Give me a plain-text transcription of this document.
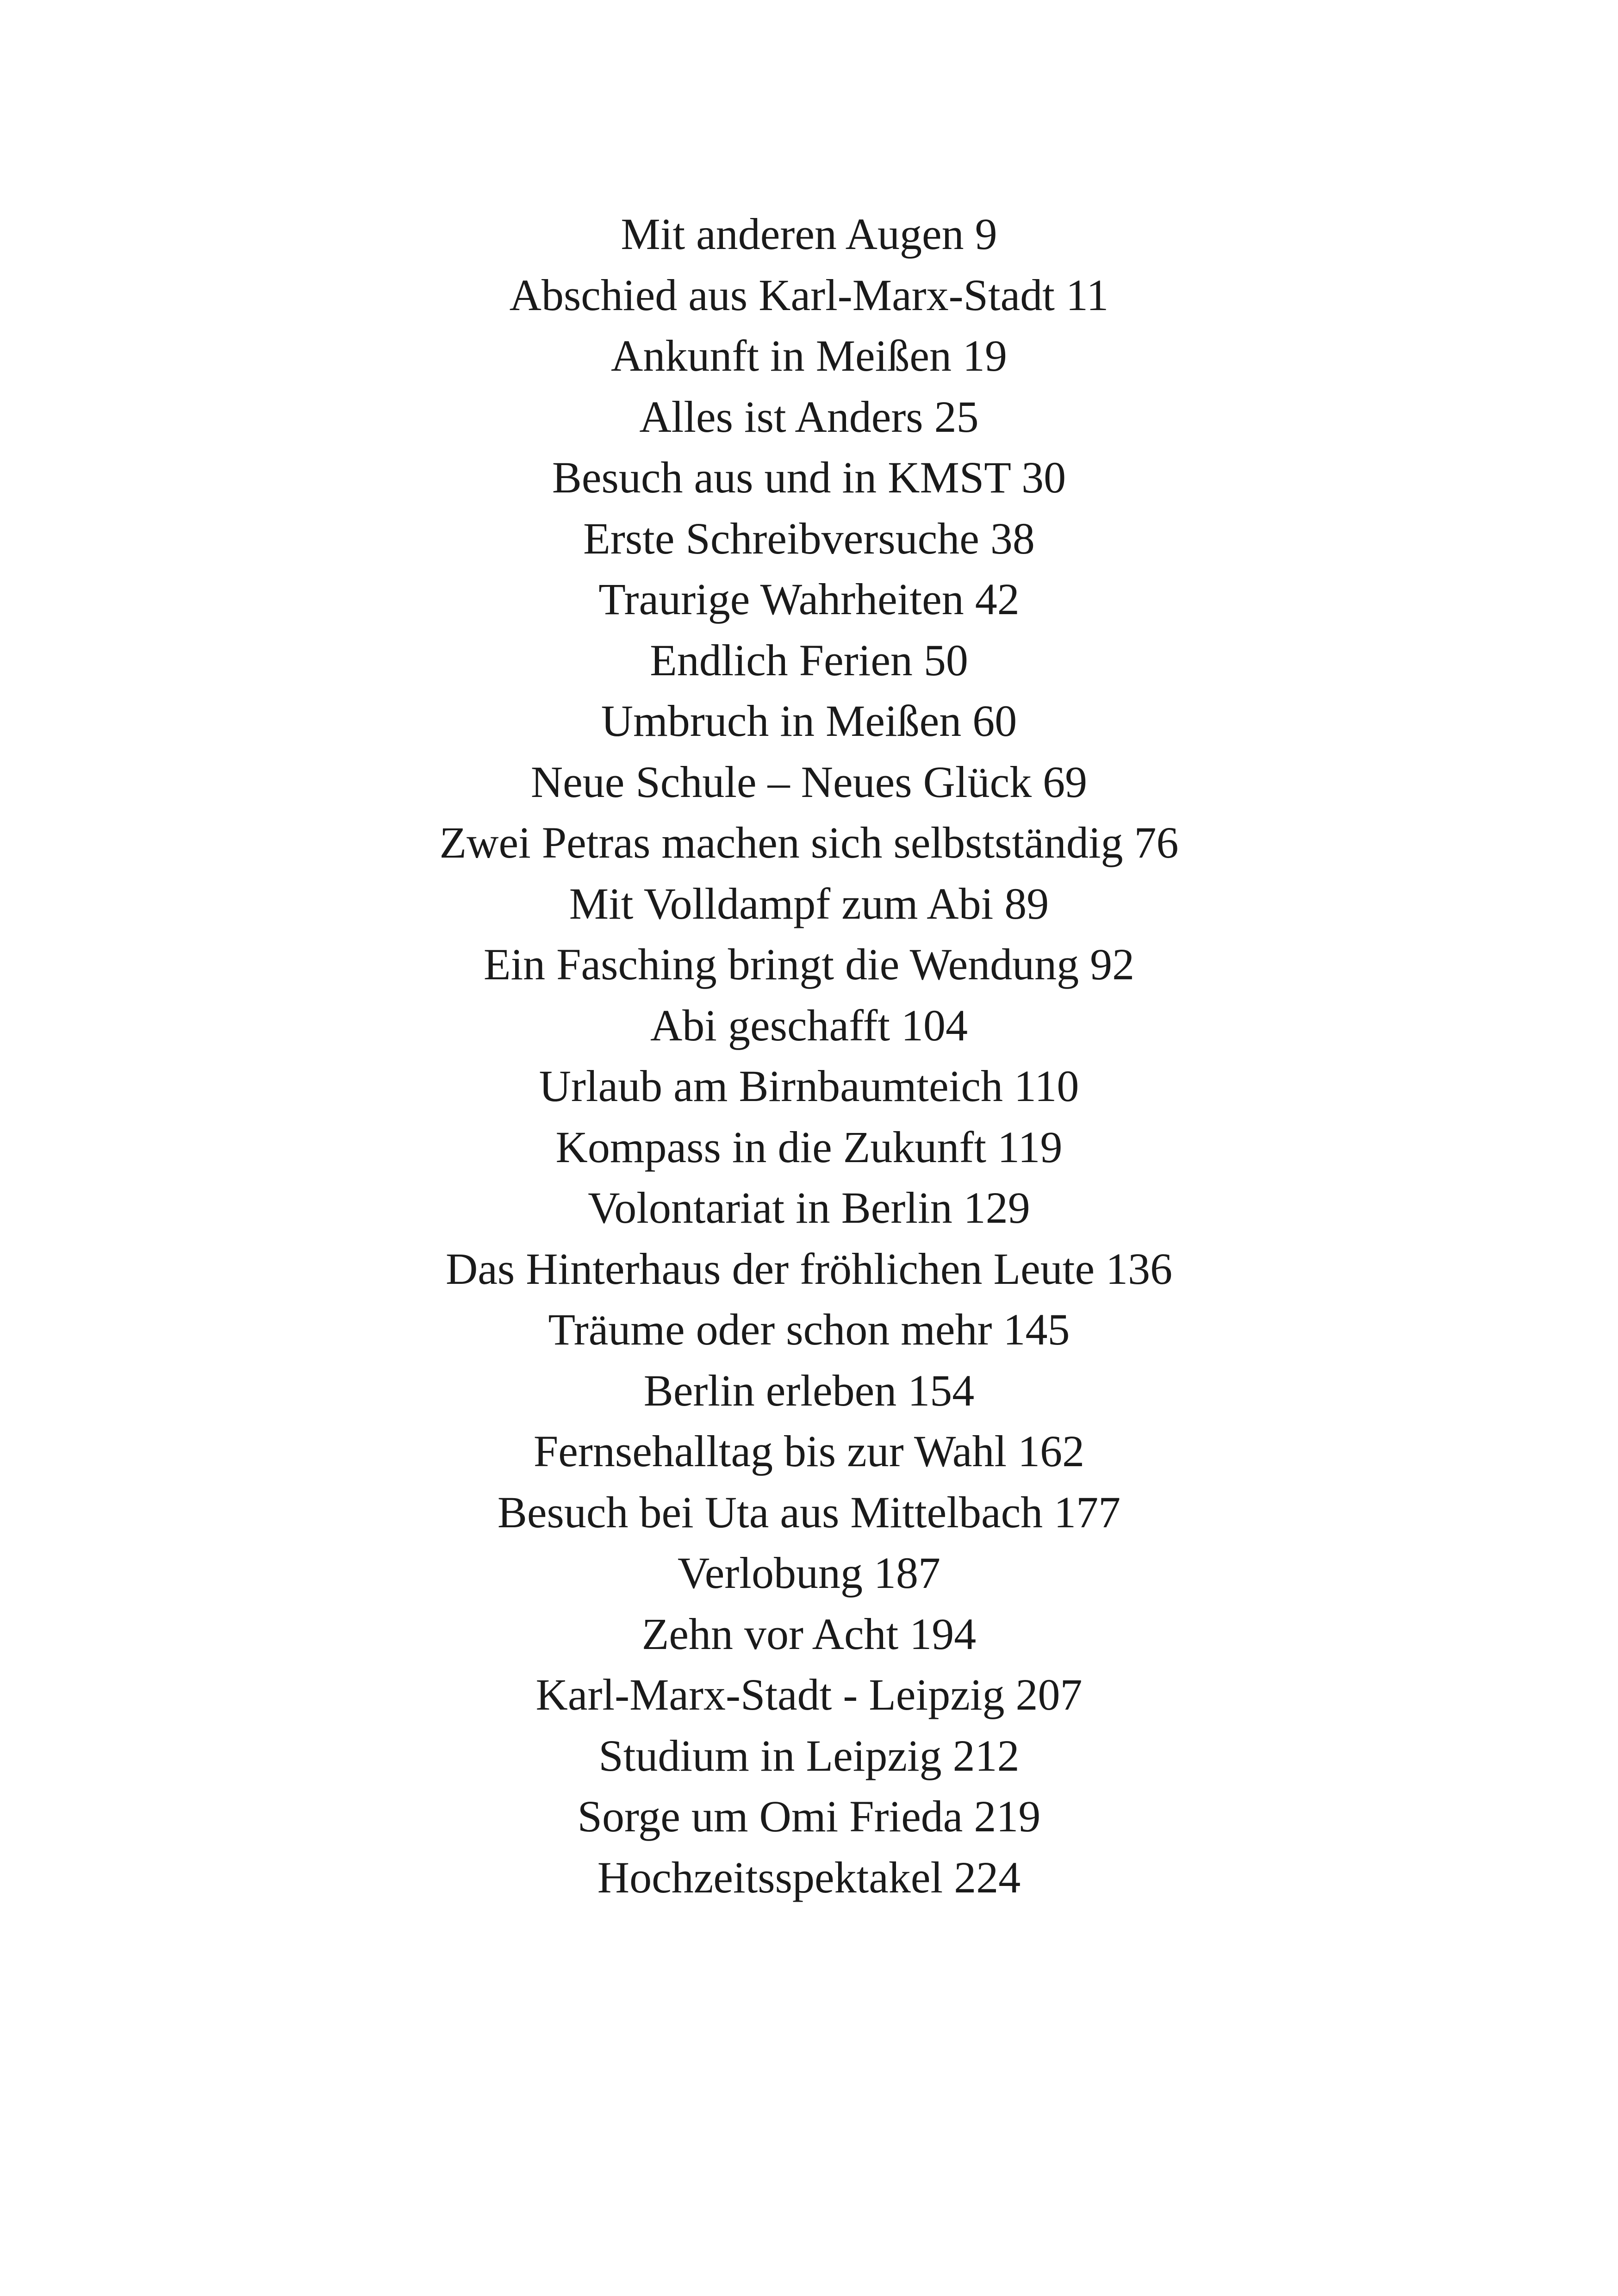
Mit anderen Augen 9
Abschied aus Karl-Marx-Stadt 11
Ankunft in Meißen 19
Alles ist Anders 25
Besuch aus und in KMST 30
Erste Schreibversuche 38
Traurige Wahrheiten 42
Endlich Ferien 50
Umbruch in Meißen 60
Neue Schule – Neues Glück 69
Zwei Petras machen sich selbstständig 76
Mit Volldampf zum Abi 89
Ein Fasching bringt die Wendung 92
Abi geschafft 104
Urlaub am Birnbaumteich 110
Kompass in die Zukunft 119
Volontariat in Berlin 129
Das Hinterhaus der fröhlichen Leute 136
Träume oder schon mehr 145
Berlin erleben 154
Fernsehalltag bis zur Wahl 162
Besuch bei Uta aus Mittelbach 177
Verlobung 187
Zehn vor Acht 194
Karl-Marx-Stadt - Leipzig 207
Studium in Leipzig 212
Sorge um Omi Frieda 219
Hochzeitsspektakel 224
